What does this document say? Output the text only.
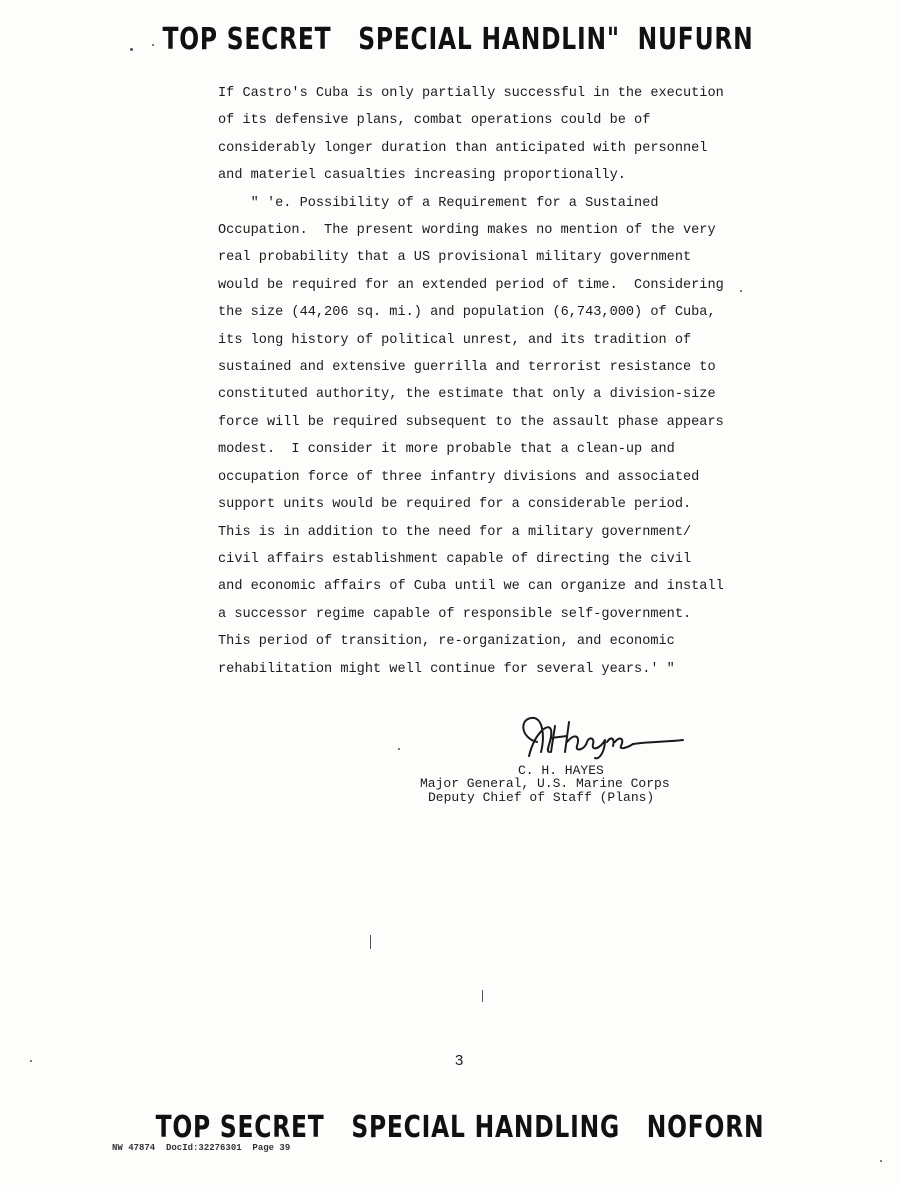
TOP SECRET   SPECIAL HANDLIN"  NUFURN
If Castro's Cuba is only partially successful in the execution
of its defensive plans, combat operations could be of
considerably longer duration than anticipated with personnel
and materiel casualties increasing proportionally.
" 'e. Possibility of a Requirement for a Sustained
Occupation.  The present wording makes no mention of the very
real probability that a US provisional military government
would be required for an extended period of time.  Considering
the size (44,206 sq. mi.) and population (6,743,000) of Cuba,
its long history of political unrest, and its tradition of
sustained and extensive guerrilla and terrorist resistance to
constituted authority, the estimate that only a division-size
force will be required subsequent to the assault phase appears
modest.  I consider it more probable that a clean-up and
occupation force of three infantry divisions and associated
support units would be required for a considerable period.
This is in addition to the need for a military government/
civil affairs establishment capable of directing the civil
and economic affairs of Cuba until we can organize and install
a successor regime capable of responsible self-government.
This period of transition, re-organization, and economic
rehabilitation might well continue for several years.' "
C. H. HAYES
Major General, U.S. Marine Corps
Deputy Chief of Staff (Plans)
3
NW 47874  DocId:32276301  Page 39
TOP SECRET   SPECIAL HANDLING   NOFORN
